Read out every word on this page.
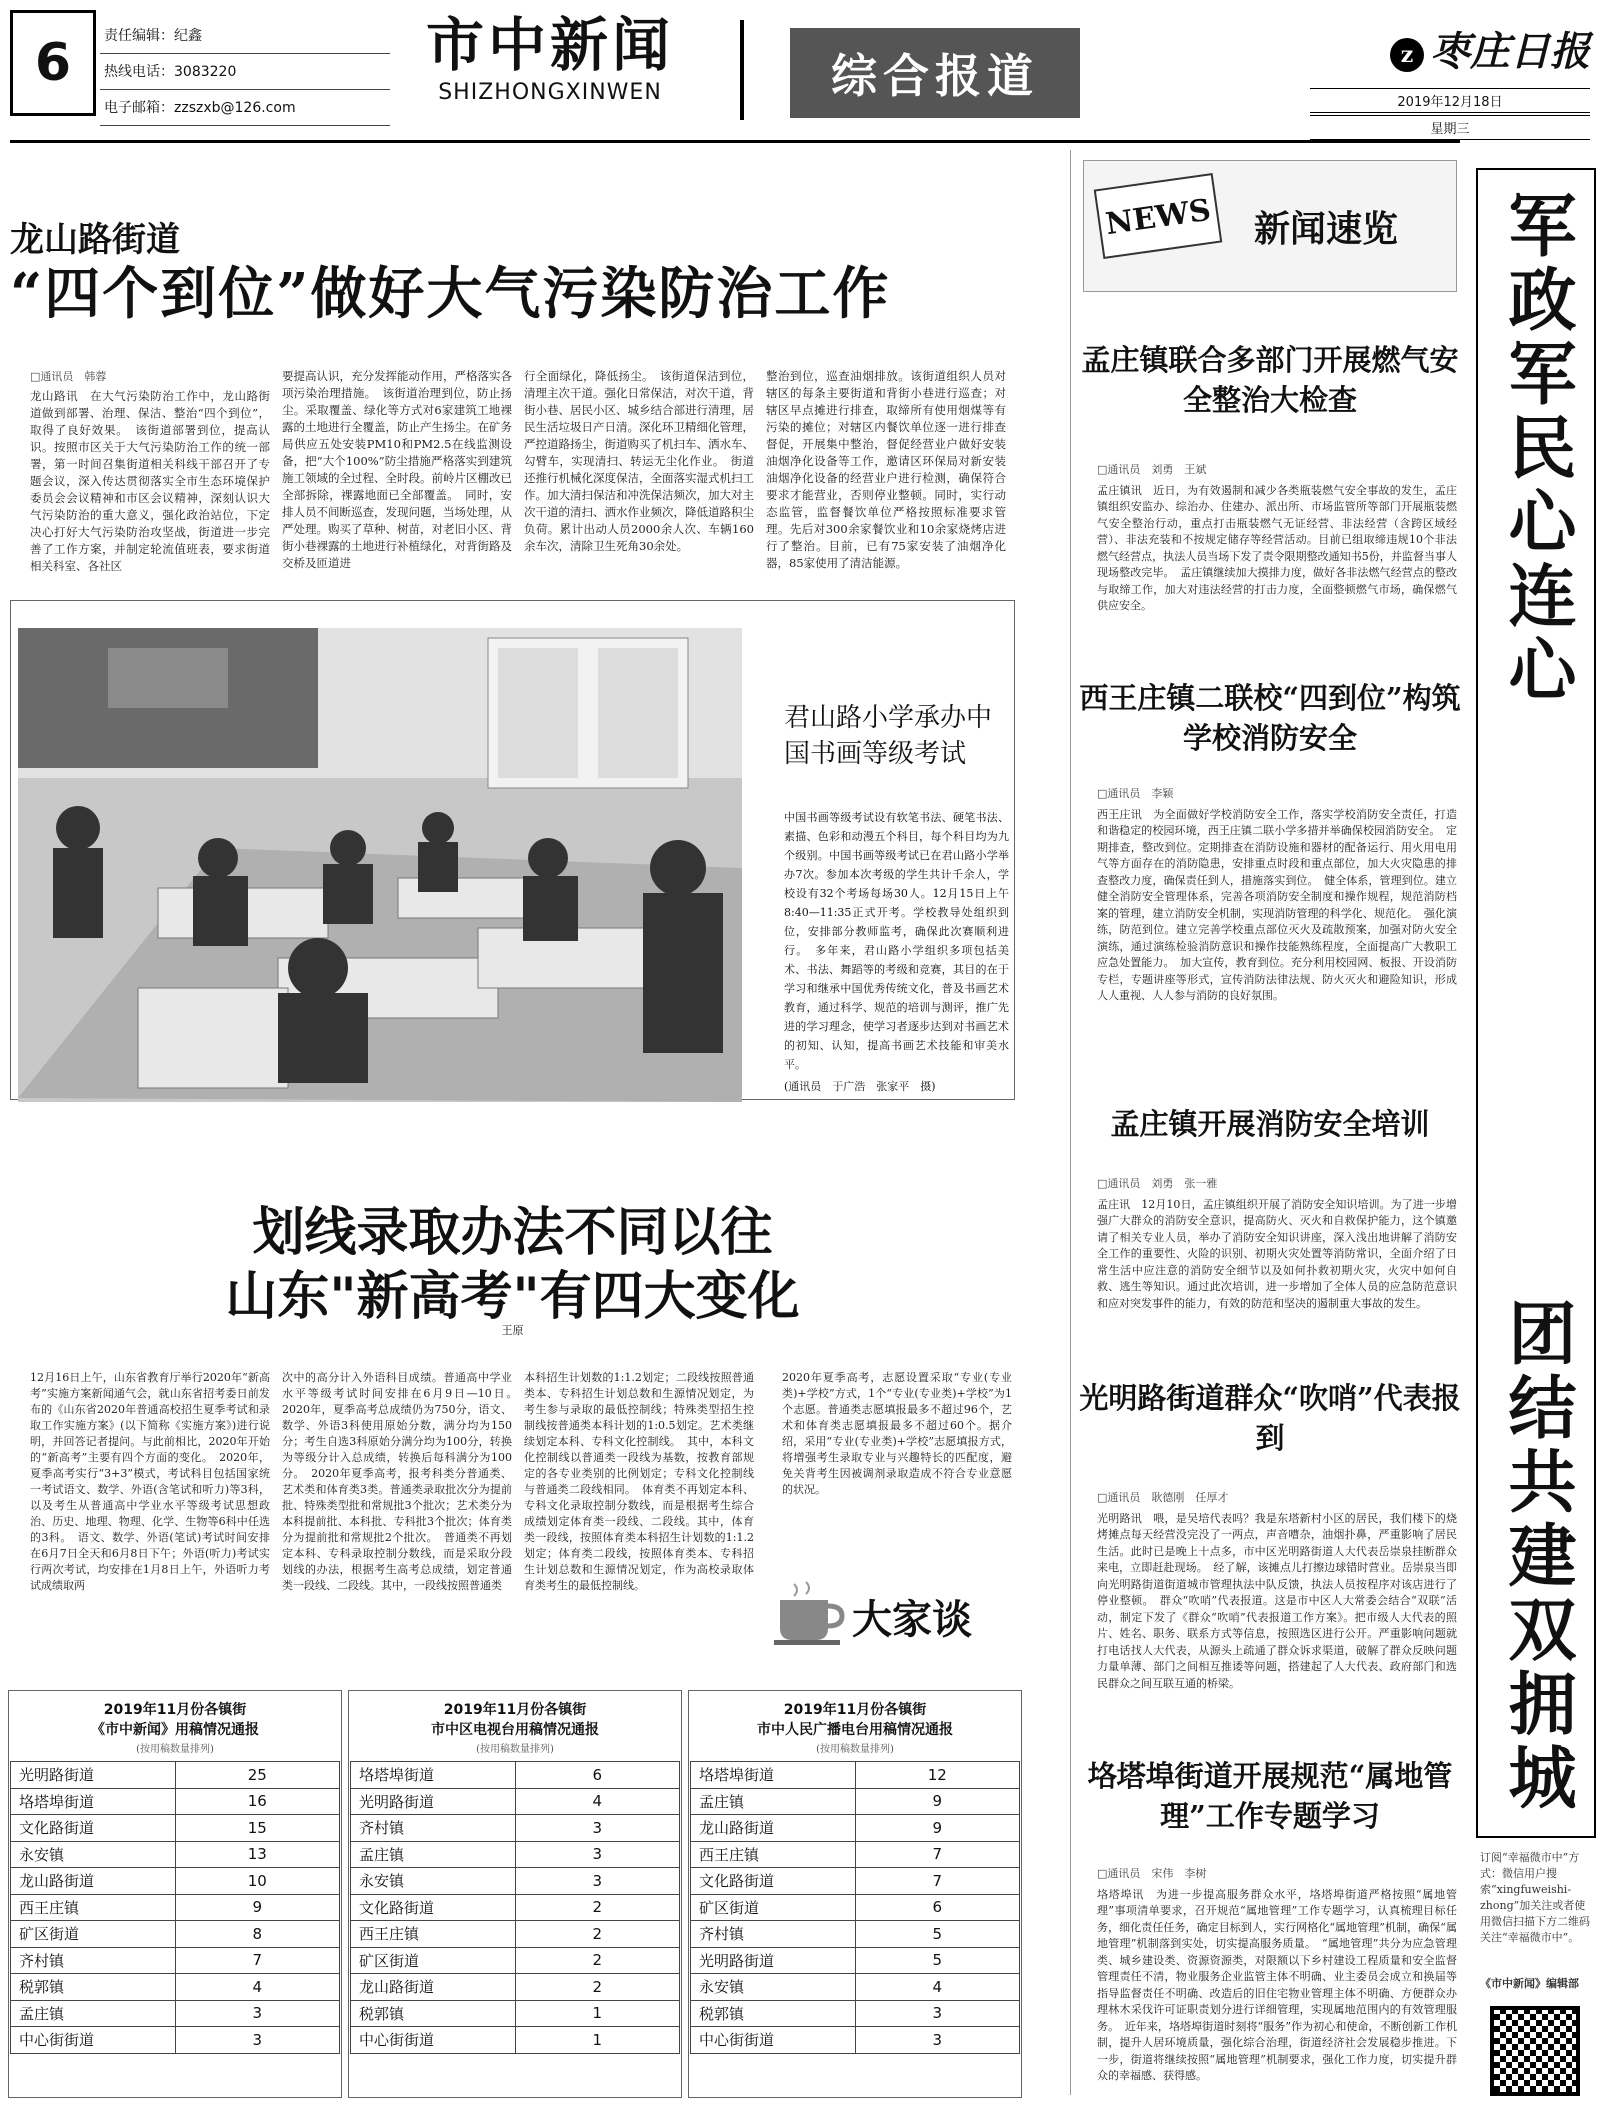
6	责任编辑：纪鑫
热线电话：3083220
电子邮箱：zzszxb@126.com
市中新闻
SHIZHONGXINWEN	综合报道	z 枣庄日报
2019年12月18日
星期三
龙山路街道
“四个到位”做好大气污染防治工作
□通讯员　韩蓉
龙山路讯　在大气污染防治工作中，龙山路街道做到部署、治理、保洁、整治“四个到位”，取得了良好效果。　该街道部署到位，提高认识。按照市区关于大气污染防治工作的统一部署，第一时间召集街道相关科线干部召开了专题会议，深入传达贯彻落实全市生态环境保护委员会会议精神和市区会议精神，深刻认识大气污染防治的重大意义，强化政治站位，下定决心打好大气污染防治攻坚战，街道进一步完善了工作方案，并制定轮流值班表，要求街道相关科室、各社区
要提高认识，充分发挥能动作用，严格落实各项污染治理措施。　该街道治理到位，防止扬尘。采取覆盖、绿化等方式对6家建筑工地裸露的土地进行全覆盖，防止产生扬尘。在矿务局供应五处安装PM10和PM2.5在线监测设备，把“大个100%”防尘措施严格落实到建筑施工领域的全过程、全时段。前岭片区棚改已全部拆除，裸露地面已全部覆盖。　同时，安排人员不间断巡查，发现问题，当场处理，从严处理。购买了草种、树苗，对老旧小区、背街小巷裸露的土地进行补植绿化，对背街路及交桥及匝道进
行全面绿化，降低扬尘。　该街道保洁到位，清理主次干道。强化日常保洁，对次干道，背街小巷、居民小区、城乡结合部进行清理，居民生活垃圾日产日清。深化环卫精细化管理，严控道路扬尘，街道购买了机扫车、洒水车、勾臂车，实现清扫、转运无尘化作业。　街道还推行机械化深度保洁，全面落实湿式机扫工作。加大清扫保洁和冲洗保洁频次，加大对主次干道的清扫、洒水作业频次，降低道路积尘负荷。累计出动人员2000余人次、车辆160余车次，清除卫生死角30余处。
整治到位，巡查油烟排放。该街道组织人员对辖区的每条主要街道和背街小巷进行巡查；对辖区早点摊进行排查，取缔所有使用烟煤等有污染的摊位；对辖区内餐饮单位逐一进行排查督促，开展集中整治，督促经营业户做好安装油烟净化设备等工作，邀请区环保局对新安装油烟净化设备的经营业户进行检测，确保符合要求才能营业，否则停业整顿。同时，实行动态监管，监督餐饮单位严格按照标准要求管理。先后对300余家餐饮业和10余家烧烤店进行了整治。目前，已有75家安装了油烟净化器，85家使用了清洁能源。
君山路小学承办中国书画等级考试
中国书画等级考试设有软笔书法、硬笔书法、素描、色彩和动漫五个科目，每个科目均为九个级别。中国书画等级考试已在君山路小学举办7次。参加本次考级的学生共计千余人，学校设有32个考场每场30人。12月15日上午8:40—11:35正式开考。学校教导处组织到位，安排部分教师监考，确保此次赛顺利进行。　多年来，君山路小学组织多项包括美术、书法、舞蹈等的考级和竞赛，其目的在于学习和继承中国优秀传统文化，普及书画艺术教育，通过科学、规范的培训与测评，推广先进的学习理念，使学习者逐步达到对书画艺术的初知、认知，提高书画艺术技能和审美水平。
(通讯员　于广浩　张家平　摄)
划线录取办法不同以往
山东"新高考"有四大变化
王原
12月16日上午，山东省教育厅举行2020年“新高考”实施方案新闻通气会，就山东省招考委日前发布的《山东省2020年普通高校招生夏季考试和录取工作实施方案》(以下简称《实施方案》)进行说明，并回答记者提问。与此前相比，2020年开始的“新高考”主要有四个方面的变化。　2020年，夏季高考实行“3+3”模式，考试科目包括国家统一考试语文、数学、外语(含笔试和听力)等3科，以及考生从普通高中学业水平等级考试思想政治、历史、地理、物理、化学、生物等6科中任选的3科。　语文、数学、外语(笔试)考试时间安排在6月7日全天和6月8日下午；外语(听力)考试实行两次考试，均安排在1月8日上午，外语听力考试成绩取两
次中的高分计入外语科目成绩。普通高中学业水平等级考试时间安排在6月9日—10日。　2020年，夏季高考总成绩仍为750分，语文、数学、外语3科使用原始分数，满分均为150分；考生自选3科原始分满分均为100分，转换为等级分计入总成绩，转换后每科满分为100分。　2020年夏季高考，报考科类分普通类、艺术类和体育类3类。普通类录取批次分为提前批、特殊类型批和常规批3个批次；艺术类分为本科提前批、本科批、专科批3个批次；体育类分为提前批和常规批2个批次。　普通类不再划定本科、专科录取控制分数线，而是采取分段划线的办法，根据考生高考总成绩，划定普通类一段线、二段线。其中，一段线按照普通类
本科招生计划数的1:1.2划定；二段线按照普通类本、专科招生计划总数和生源情况划定，为考生参与录取的最低控制线；特殊类型招生控制线按普通类本科计划的1:0.5划定。艺术类继续划定本科、专科文化控制线。　其中，本科文化控制线以普通类一段线为基数，按教育部规定的各专业类别的比例划定；专科文化控制线与普通类二段线相同。　体育类不再划定本科、专科文化录取控制分数线，而是根据考生综合成绩划定体育类一段线、二段线。其中，体育类一段线，按照体育类本科招生计划数的1:1.2划定；体育类二段线，按照体育类本、专科招生计划总数和生源情况划定，作为高校录取体育类考生的最低控制线。
2020年夏季高考，志愿设置采取“专业(专业类)+学校”方式，1个“专业(专业类)+学校”为1个志愿。普通类志愿填报最多不超过96个，艺术和体育类志愿填报最多不超过60个。据介绍，采用“专业(专业类)+学校”志愿填报方式，将增强考生录取专业与兴趣特长的匹配度，避免关背考生因被调剂录取造成不符合专业意愿的状况。
大家谈
2019年11月份各镇街
《市中新闻》用稿情况通报
(按用稿数量排列)
光明路街道	25
垎塔埠街道	16
文化路街道	15
永安镇	13
龙山路街道	10
西王庄镇	9
矿区街道	8
齐村镇	7
税郭镇	4
孟庄镇	3
中心街街道	3
2019年11月份各镇街
市中区电视台用稿情况通报
(按用稿数量排列)
垎塔埠街道	6
光明路街道	4
齐村镇	3
孟庄镇	3
永安镇	3
文化路街道	2
西王庄镇	2
矿区街道	2
龙山路街道	2
税郭镇	1
中心街街道	1
2019年11月份各镇街
市中人民广播电台用稿情况通报
(按用稿数量排列)
垎塔埠街道	12
孟庄镇	9
龙山路街道	9
西王庄镇	7
文化路街道	7
矿区街道	6
齐村镇	5
光明路街道	5
永安镇	4
税郭镇	3
中心街街道	3
NEWS 新闻速览
孟庄镇联合多部门开展燃气安全整治大检查
□通讯员　刘勇　王斌
孟庄镇讯　近日，为有效遏制和减少各类瓶装燃气安全事故的发生，孟庄镇组织安监办、综治办、住建办、派出所、市场监管所等部门开展瓶装燃气安全整治行动，重点打击瓶装燃气无证经营、非法经营（含跨区域经营）、非法充装和不按规定储存等经营活动。目前已组取缔违规10个非法燃气经营点，执法人员当场下发了责令限期整改通知书5份，并监督当事人现场整改完毕。　孟庄镇继续加大摸排力度，做好各非法燃气经营点的整改与取缔工作，加大对违法经营的打击力度，全面整顿燃气市场，确保燃气供应安全。
西王庄镇二联校“四到位”构筑学校消防安全
□通讯员　李颖
西王庄讯　为全面做好学校消防安全工作，落实学校消防安全责任，打造和谐稳定的校园环境，西王庄镇二联小学多措并举确保校园消防安全。　定期排查，整改到位。定期排查在消防设施和器材的配备运行、用火用电用气等方面存在的消防隐患，安排重点时段和重点部位，加大火灾隐患的排查整改力度，确保责任到人，措施落实到位。　健全体系，管理到位。建立健全消防安全管理体系，完善各项消防安全制度和操作规程，规范消防档案的管理，建立消防安全机制，实现消防管理的科学化、规范化。　强化演练，防范到位。建立完善学校重点部位灭火及疏散预案，加强对防火安全演练，通过演练检验消防意识和操作技能熟练程度，全面提高广大教职工应急处置能力。　加大宣传，教育到位。充分利用校园网、板报、开设消防专栏，专题讲座等形式，宣传消防法律法规、防火灭火和避险知识，形成人人重视、人人参与消防的良好氛围。
孟庄镇开展消防安全培训
□通讯员　刘勇　张一雅
孟庄讯　12月10日，孟庄镇组织开展了消防安全知识培训。为了进一步增强广大群众的消防安全意识，提高防火、灭火和自救保护能力，这个镇邀请了相关专业人员，举办了消防安全知识讲座，深入浅出地讲解了消防安全工作的重要性、火险的识别、初期火灾处置等消防常识，全面介绍了日常生活中应注意的消防安全细节以及如何扑救初期火灾，火灾中如何自救、逃生等知识。通过此次培训，进一步增加了全体人员的应急防范意识和应对突发事件的能力，有效的防范和坚决的遏制重大事故的发生。
光明路街道群众“吹哨”代表报到
□通讯员　耿德刚　任厚才
光明路讯　喂，是吴培代表吗？我是东塔新村小区的居民，我们楼下的烧烤摊点每天经营没完没了一两点，声音嘈杂，油烟扑鼻，严重影响了居民生活。此时已是晚上十点多，市中区光明路街道人大代表岳崇泉挂断群众来电，立即赶赴现场。　经了解，该摊点儿打擦边球错时营业。岳崇泉当即向光明路街道街道城市管理执法中队反馈，执法人员按程序对该店进行了停业整顿。　群众“吹哨”代表报道。这是市中区人大常委会结合“双联”活动，制定下发了《群众“吹哨”代表报道工作方案》。把市级人大代表的照片、姓名、职务、联系方式等信息，按照选区进行公开。严重影响问题就打电话找人大代表，从源头上疏通了群众诉求渠道，破解了群众反映问题力量单薄、部门之间相互推诿等问题，搭建起了人大代表、政府部门和选民群众之间互联互通的桥梁。
垎塔埠街道开展规范“属地管理”工作专题学习
□通讯员　宋伟　李树
垎塔埠讯　为进一步提高服务群众水平，垎塔埠街道严格按照“属地管理”事项清单要求，召开规范“属地管理”工作专题学习，认真梳理目标任务，细化责任任务，确定目标到人，实行网格化“属地管理”机制，确保“属地管理”机制落到实处，切实提高服务质量。　“属地管理”共分为应急管理类、城乡建设类、资源资源类，对限额以下乡村建设工程质量和安全监督管理责任不清，物业服务企业监管主体不明确、业主委员会成立和换届等指导监督责任不明确、改造后的旧住宅物业管理主体不明确、方便群众办理林木采伐许可证职责划分进行详细管理，实现属地范围内的有效管理服务。　近年来，垎塔埠街道时刻将“服务”作为初心和使命，不断创新工作机制，提升人居环境质量，强化综合治理，街道经济社会发展稳步推进。下一步，街道将继续按照“属地管理”机制要求，强化工作力度，切实提升群众的幸福感、获得感。
军政军民心连心
团结共建双拥城
订阅“幸福微市中”方式：微信用户搜索“xingfuweishi-zhong”加关注或者使用微信扫描下方二维码关注“幸福微市中”。
《市中新闻》编辑部
